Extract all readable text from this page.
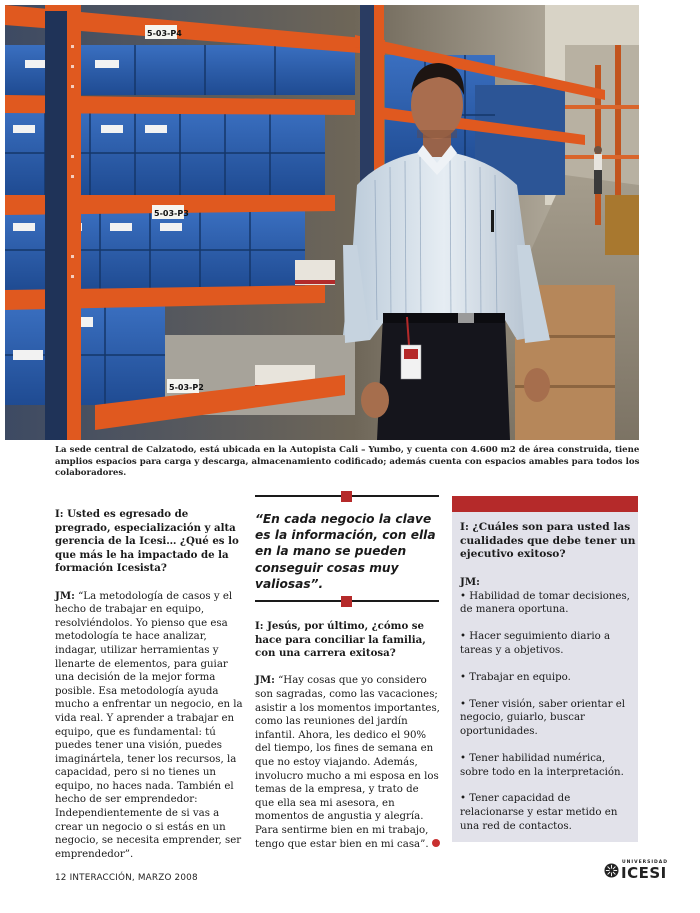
5-03-P4
5-03-P3
5-03-P2
La sede central de Calzatodo, está ubicada en la Autopista Cali – Yumbo, y cuenta con 4.600 m2 de área construida, tiene amplios espacios para carga y descarga, almacenamiento codificado; además cuenta con espacios amables para todos los colaboradores.

I: Usted es egresado de pregrado, especialización y alta gerencia de la Icesi… ¿Qué es lo que más le ha impactado de la formación Icesista?

JM: “La metodología de casos y el hecho de trabajar en equipo, resolviéndolos. Yo pienso que esa metodología te hace analizar, indagar, utilizar herramientas y llenarte de elementos, para guiar una decisión de la mejor forma posible. Esa metodología ayuda mucho a enfrentar un negocio, en la vida real. Y aprender a trabajar en equipo, que es fundamental: tú puedes tener una visión, puedes imaginártela, tener los recursos, la capacidad, pero si no tienes un equipo, no haces nada. También el hecho de ser emprendedor: Independientemente de si vas a crear un negocio o si estás en un negocio, se necesita emprender, ser emprendedor”.

“En cada negocio la clave es la información, con ella en la mano se pueden conseguir cosas muy valiosas”.

I: Jesús, por último, ¿cómo se hace para conciliar la familia, con una carrera exitosa?

JM: “Hay cosas que yo considero son sagradas, como las vacaciones; asistir a los momentos importantes, como las reuniones del jardín infantil. Ahora, les dedico el 90% del tiempo, los fines de semana en que no estoy viajando. Además, involucro mucho a mi esposa en los temas de la empresa, y trato de que ella sea mi asesora, en momentos de angustia y alegría. Para sentirme bien en mi trabajo, tengo que estar bien en mi casa”.

I: ¿Cuáles son para usted las cualidades que debe tener un ejecutivo exitoso?
JM:
• Habilidad de tomar decisiones, de manera oportuna.
• Hacer seguimiento diario a tareas y a objetivos.
• Trabajar en equipo.
• Tener visión, saber orientar el negocio, guiarlo, buscar oportunidades.
• Tener habilidad numérica, sobre todo en la interpretación.
• Tener capacidad de relacionarse y estar metido en una red de contactos.
12 INTERACCIÓN, MARZO 2008
UNIVERSIDAD
ICESI
